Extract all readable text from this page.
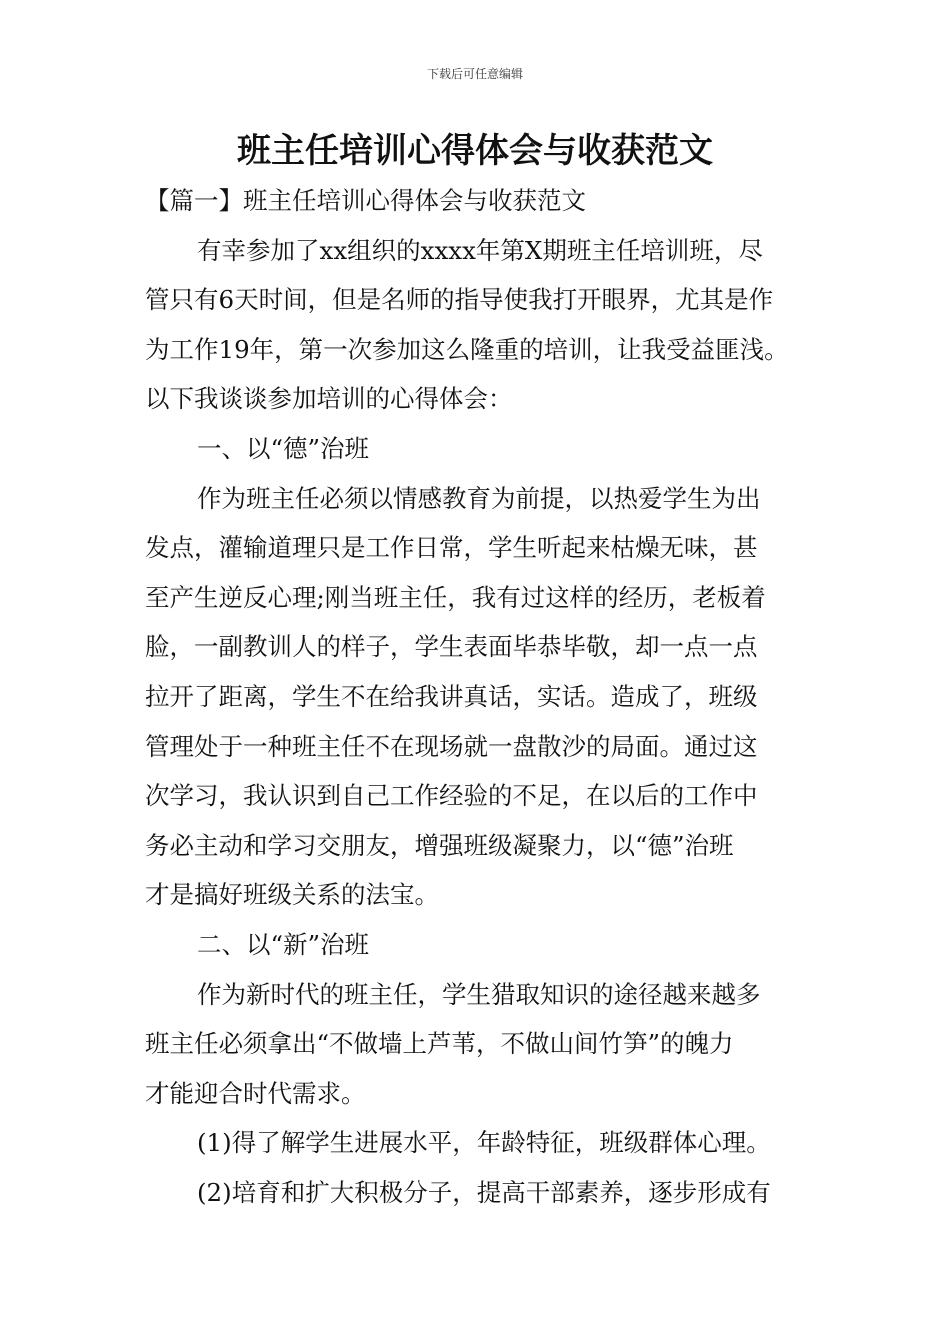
下载后可任意编辑
班主任培训心得体会与收获范文
【篇一】班主任培训心得体会与收获范文
有幸参加了xx组织的xxxx年第X期班主任培训班，尽
管只有6天时间，但是名师的指导使我打开眼界，尤其是作
为工作19年，第一次参加这么隆重的培训，让我受益匪浅。
以下我谈谈参加培训的心得体会：
一、以“德”治班
作为班主任必须以情感教育为前提，以热爱学生为出
发点，灌输道理只是工作日常，学生听起来枯燥无味，甚
至产生逆反心理;刚当班主任，我有过这样的经历，老板着
脸，一副教训人的样子，学生表面毕恭毕敬，却一点一点
拉开了距离，学生不在给我讲真话，实话。造成了，班级
管理处于一种班主任不在现场就一盘散沙的局面。通过这
次学习，我认识到自己工作经验的不足，在以后的工作中
务必主动和学习交朋友，增强班级凝聚力，以“德”治班
才是搞好班级关系的法宝。
二、以“新”治班
作为新时代的班主任，学生猎取知识的途径越来越多
班主任必须拿出“不做墙上芦苇，不做山间竹笋”的魄力
才能迎合时代需求。
(1)得了解学生进展水平，年龄特征，班级群体心理。
(2)培育和扩大积极分子，提高干部素养，逐步形成有
